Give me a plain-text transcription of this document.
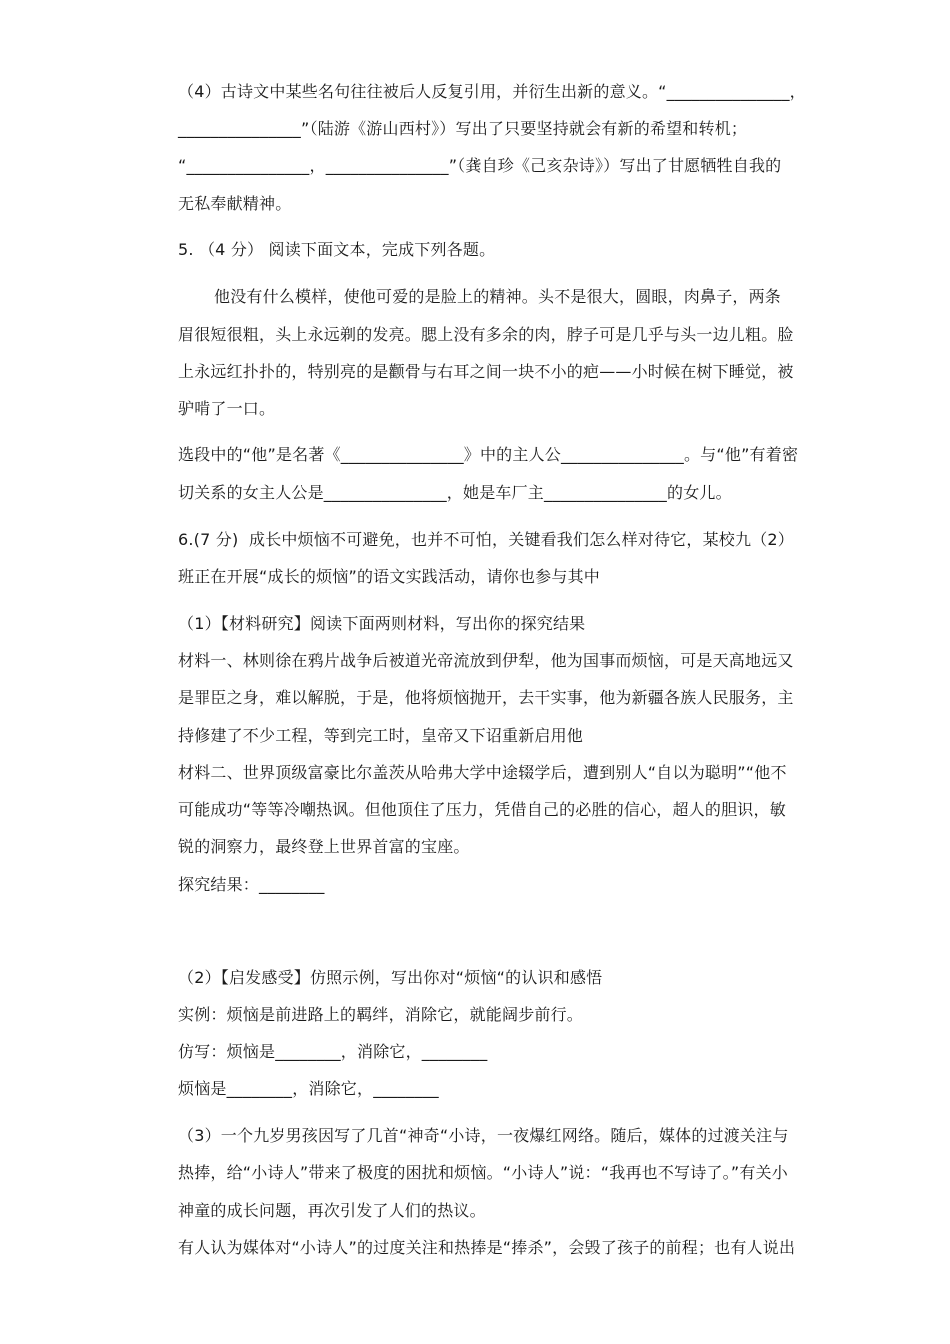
（4）古诗文中某些名句往往被后人反复引用，并衍生出新的意义。“_______________，
_______________”（陆游《游山西村》）写出了只要坚持就会有新的希望和转机；
“_______________，_______________”（龚自珍《己亥杂诗》）写出了甘愿牺牲自我的
无私奉献精神。
5. （4 分） 阅读下面文本，完成下列各题。
他没有什么模样，使他可爱的是脸上的精神。头不是很大，圆眼，肉鼻子，两条
眉很短很粗，头上永远剃的发亮。腮上没有多余的肉，脖子可是几乎与头一边儿粗。脸
上永远红扑扑的，特别亮的是颧骨与右耳之间一块不小的疤——小时候在树下睡觉，被
驴啃了一口。
选段中的“他”是名著《_______________》中的主人公_______________。与“他”有着密
切关系的女主人公是_______________，她是车厂主_______________的女儿。
6.(7 分)  成长中烦恼不可避免，也并不可怕，关键看我们怎么样对待它，某校九（2）
班正在开展“成长的烦恼”的语文实践活动，请你也参与其中
（1）【材料研究】阅读下面两则材料，写出你的探究结果
材料一、林则徐在鸦片战争后被道光帝流放到伊犁，他为国事而烦恼，可是天高地远又
是罪臣之身，难以解脱，于是，他将烦恼抛开，去干实事，他为新疆各族人民服务，主
持修建了不少工程，等到完工时，皇帝又下诏重新启用他
材料二、世界顶级富豪比尔盖茨从哈弗大学中途辍学后，遭到别人“自以为聪明”“他不
可能成功“等等冷嘲热讽。但他顶住了压力，凭借自己的必胜的信心，超人的胆识，敏
锐的洞察力，最终登上世界首富的宝座。
探究结果：________
（2）【启发感受】仿照示例，写出你对“烦恼“的认识和感悟
实例：烦恼是前进路上的羁绊，消除它，就能阔步前行。
仿写：烦恼是________，消除它，________
烦恼是________，消除它，________
（3）一个九岁男孩因写了几首“神奇“小诗，一夜爆红网络。随后，媒体的过渡关注与
热捧，给“小诗人”带来了极度的困扰和烦恼。“小诗人”说：“我再也不写诗了。”有关小
神童的成长问题，再次引发了人们的热议。
有人认为媒体对“小诗人”的过度关注和热捧是“捧杀”，会毁了孩子的前程；也有人说出
